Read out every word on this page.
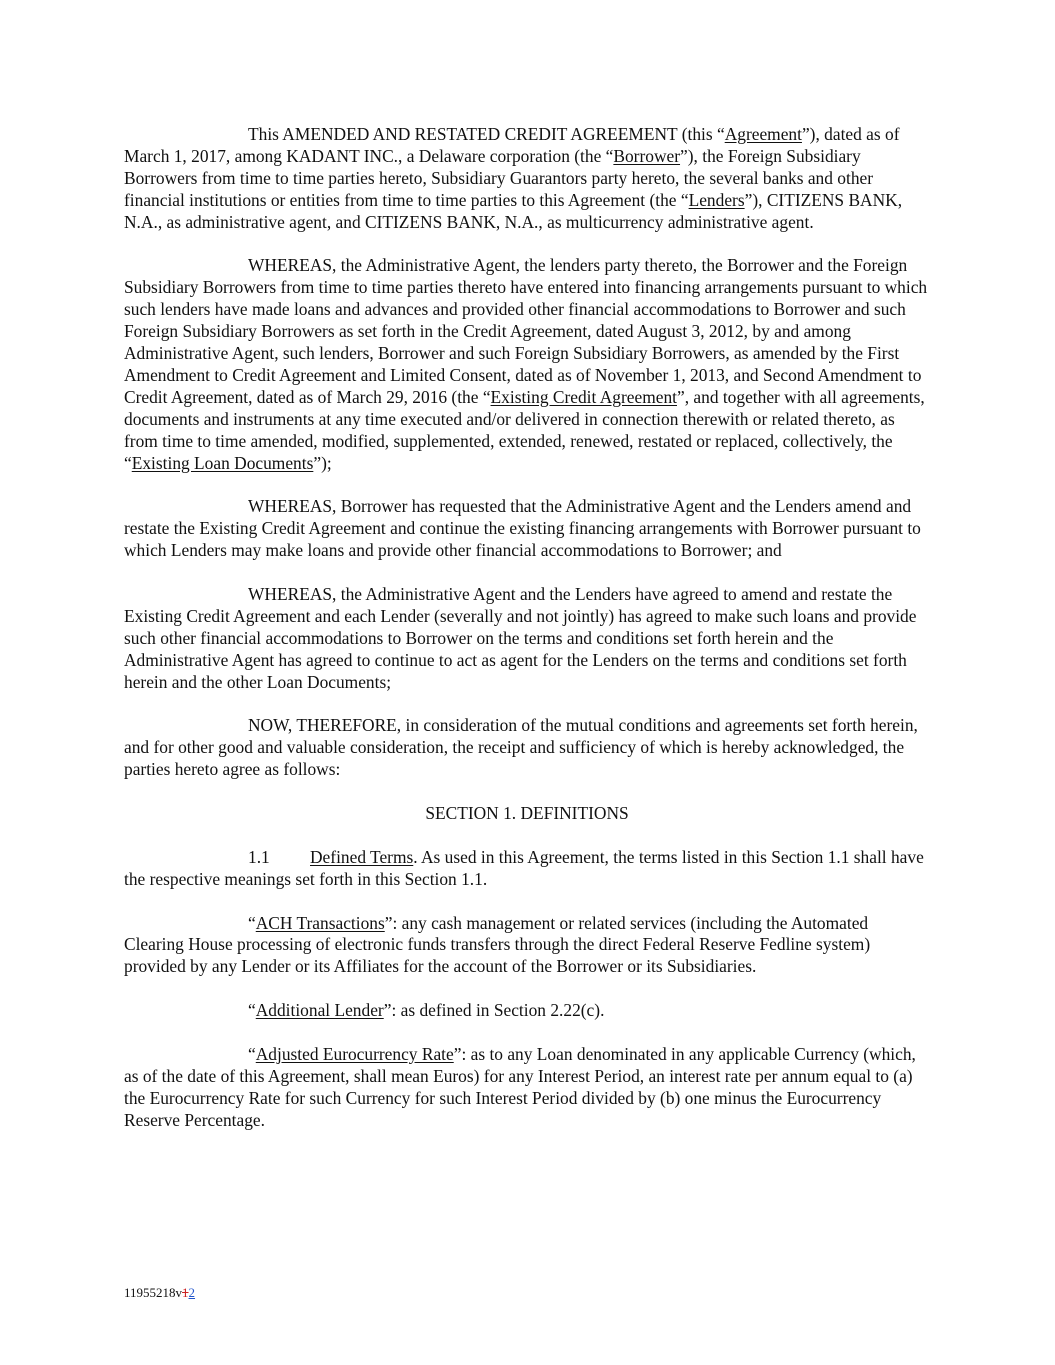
This AMENDED AND RESTATED CREDIT AGREEMENT (this “Agreement”), dated as of March 1, 2017, among KADANT INC., a Delaware corporation (the “Borrower”), the Foreign Subsidiary Borrowers from time to time parties hereto, Subsidiary Guarantors party hereto, the several banks and other financial institutions or entities from time to time parties to this Agreement (the “Lenders”), CITIZENS BANK, N.A., as administrative agent, and CITIZENS BANK, N.A., as multicurrency administrative agent.

WHEREAS, the Administrative Agent, the lenders party thereto, the Borrower and the Foreign Subsidiary Borrowers from time to time parties thereto have entered into financing arrangements pursuant to which such lenders have made loans and advances and provided other financial accommodations to Borrower and such Foreign Subsidiary Borrowers as set forth in the Credit Agreement, dated August 3, 2012, by and among Administrative Agent, such lenders, Borrower and such Foreign Subsidiary Borrowers, as amended by the First Amendment to Credit Agreement and Limited Consent, dated as of November 1, 2013, and Second Amendment to Credit Agreement, dated as of March 29, 2016 (the “Existing Credit Agreement”, and together with all agreements, documents and instruments at any time executed and/or delivered in connection therewith or related thereto, as from time to time amended, modified, supplemented, extended, renewed, restated or replaced, collectively, the “Existing Loan Documents”);

WHEREAS, Borrower has requested that the Administrative Agent and the Lenders amend and restate the Existing Credit Agreement and continue the existing financing arrangements with Borrower pursuant to which Lenders may make loans and provide other financial accommodations to Borrower; and

WHEREAS, the Administrative Agent and the Lenders have agreed to amend and restate the Existing Credit Agreement and each Lender (severally and not jointly) has agreed to make such loans and provide such other financial accommodations to Borrower on the terms and conditions set forth herein and the Administrative Agent has agreed to continue to act as agent for the Lenders on the terms and conditions set forth herein and the other Loan Documents;

NOW, THEREFORE, in consideration of the mutual conditions and agreements set forth herein, and for other good and valuable consideration, the receipt and sufficiency of which is hereby acknowledged, the parties hereto agree as follows:

SECTION 1. DEFINITIONS

1.1 Defined Terms. As used in this Agreement, the terms listed in this Section 1.1 shall have the respective meanings set forth in this Section 1.1.

“ACH Transactions”: any cash management or related services (including the Automated Clearing House processing of electronic funds transfers through the direct Federal Reserve Fedline system) provided by any Lender or its Affiliates for the account of the Borrower or its Subsidiaries.

“Additional Lender”: as defined in Section 2.22(c).

“Adjusted Eurocurrency Rate”: as to any Loan denominated in any applicable Currency (which, as of the date of this Agreement, shall mean Euros) for any Interest Period, an interest rate per annum equal to (a) the Eurocurrency Rate for such Currency for such Interest Period divided by (b) one minus the Eurocurrency Reserve Percentage.

11955218v12
